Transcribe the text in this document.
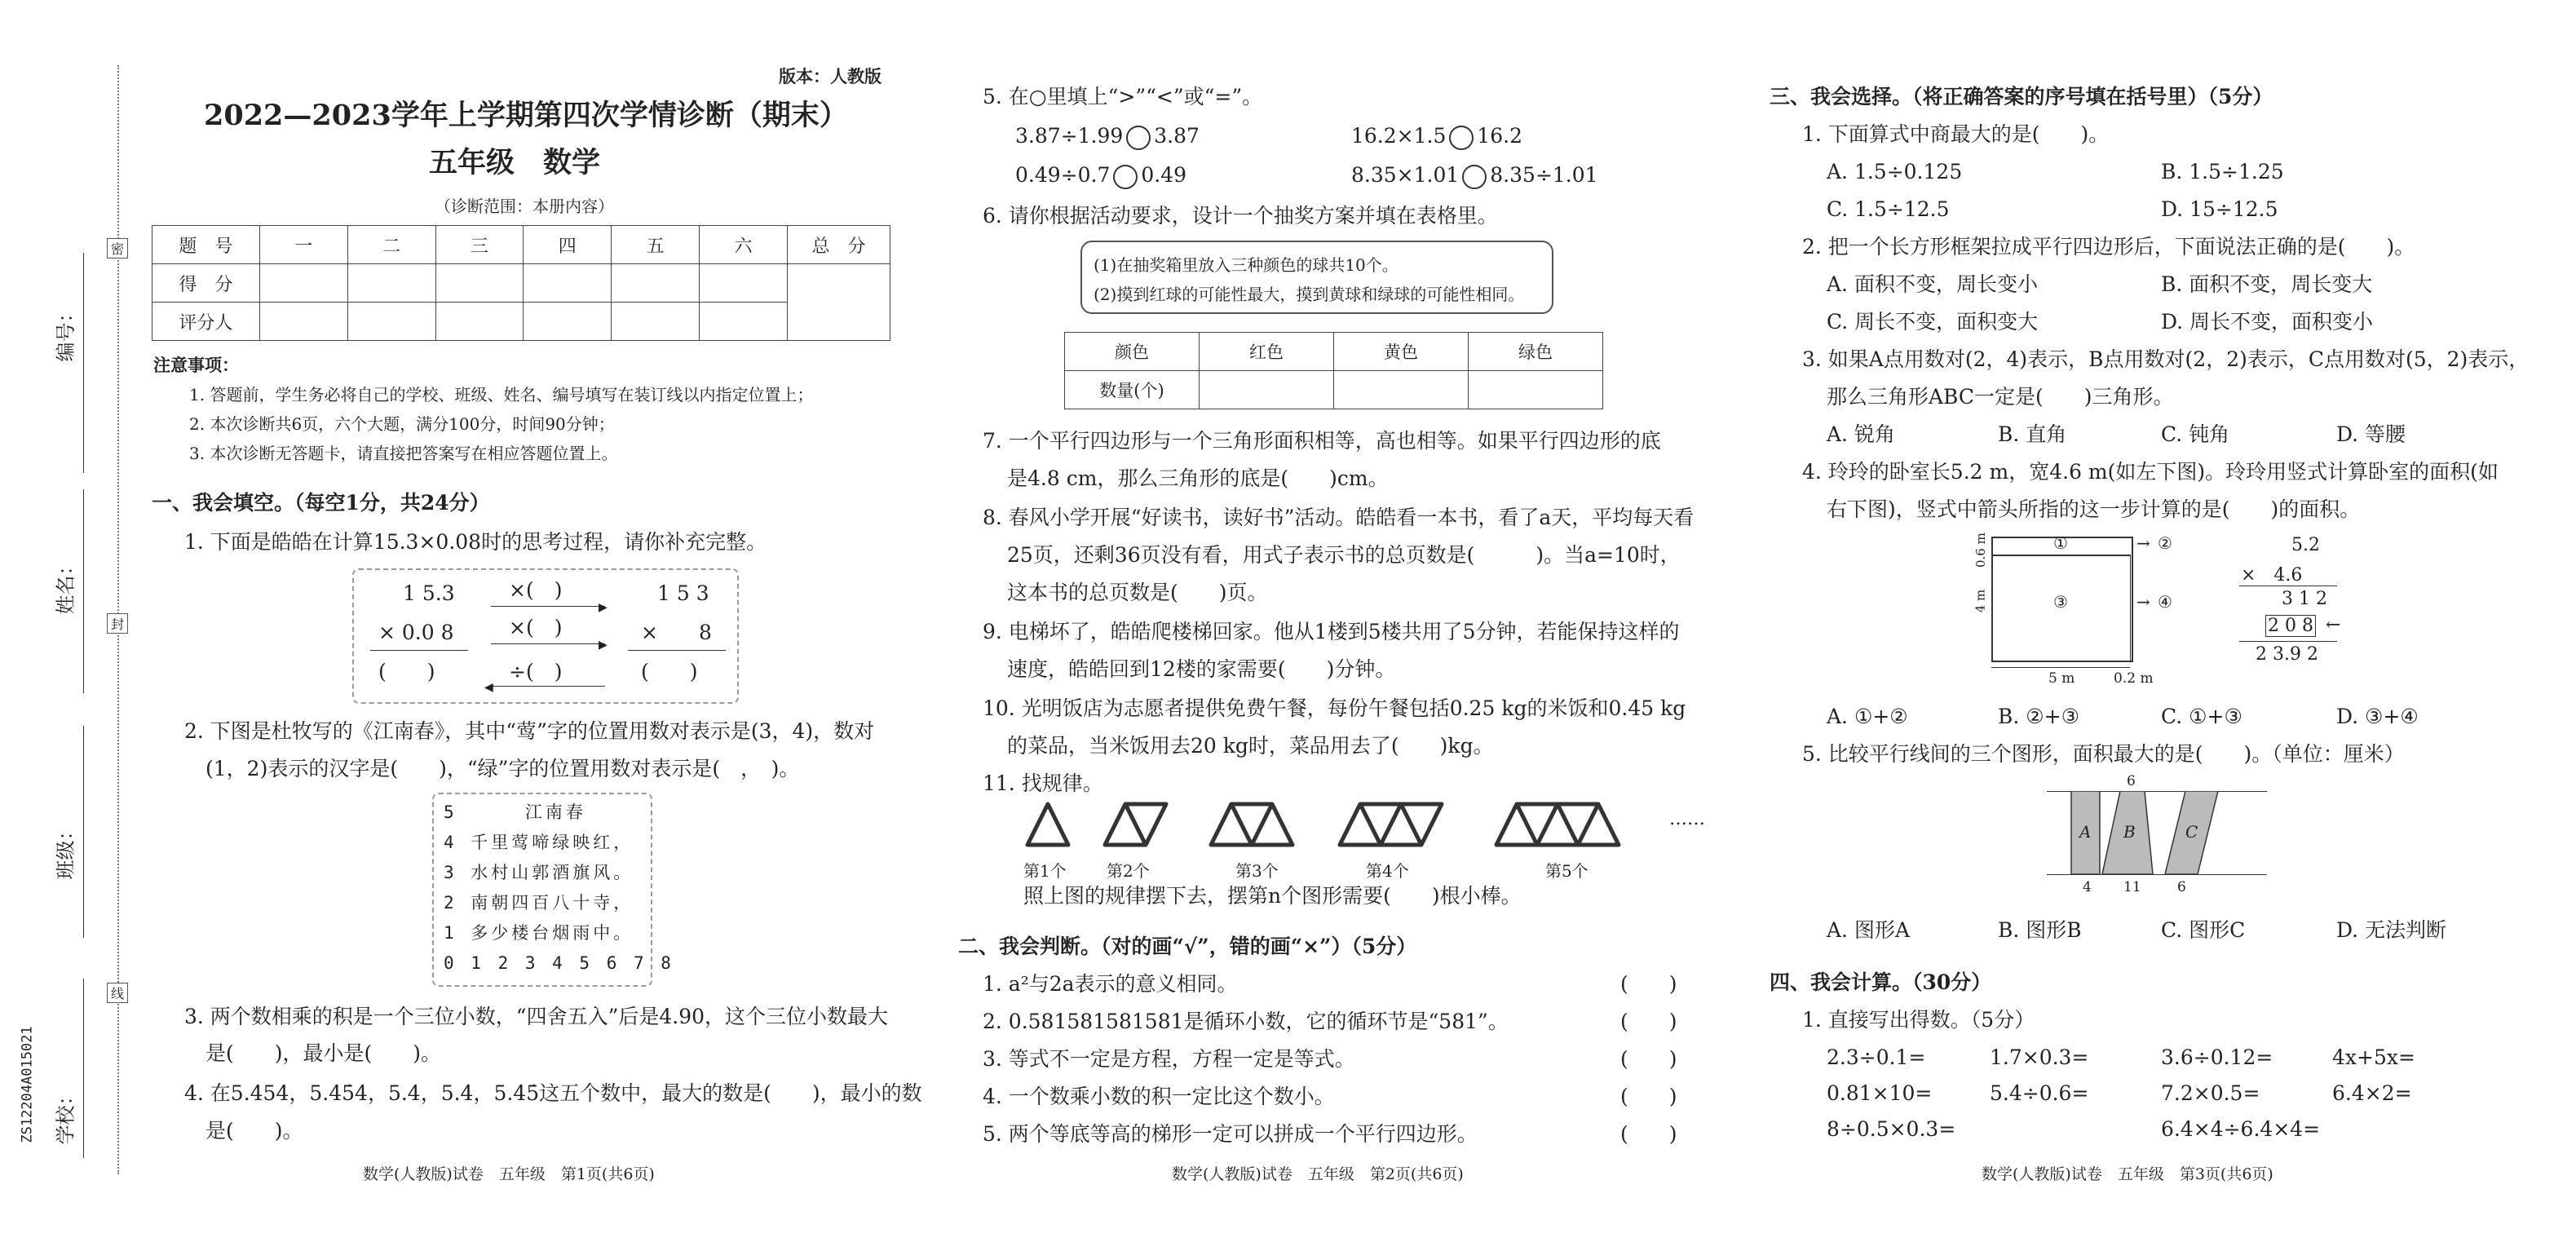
密
封
线
编号：
姓名：
班级：
学校：
ZS12204A015021
版本：人教版
2022—2023学年上学期第四次学情诊断（期末）
五年级　数学
（诊断范围：本册内容）
题　号	一	二	三	四	五	六	总　分
得　分							
评分人							
注意事项：
1. 答题前，学生务必将自己的学校、班级、姓名、编号填写在装订线以内指定位置上；
2. 本次诊断共6页，六个大题，满分100分，时间90分钟；
3. 本次诊断无答题卡，请直接把答案写在相应答题位置上。
一、我会填空。（每空1分，共24分）
1. 下面是皓皓在计算15.3×0.08时的思考过程，请你补充完整。
1 5.3
× 0.0 8
(　　)
×(　)
▶
×(　)
▶
÷(　)
◀
1 5 3
×　　8
(　　)
2. 下图是杜牧写的《江南春》，其中“莺”字的位置用数对表示是(3，4)，数对
(1，2)表示的汉字是(　　)，“绿”字的位置用数对表示是(　，　)。
5     江南春
4 千里莺啼绿映红，
3 水村山郭酒旗风。
2 南朝四百八十寺，
1 多少楼台烟雨中。
0 1 2 3 4 5 6 7 8
3. 两个数相乘的积是一个三位小数，“四舍五入”后是4.90，这个三位小数最大
是(　　)，最小是(　　)。
4. 在5.454，5.4̇5̇4，5.4，5.4̇，5.4̇5̇这五个数中，最大的数是(　　)，最小的数
是(　　)。
数学(人教版)试卷　五年级　第1页(共6页)
5. 在○里填上“>”“<”或“=”。
3.87÷1.99 3.87	16.2×1.5 16.2
0.49÷0.7 0.49	8.35×1.01 8.35÷1.01
6. 请你根据活动要求，设计一个抽奖方案并填在表格里。
(1)在抽奖箱里放入三种颜色的球共10个。
(2)摸到红球的可能性最大，摸到黄球和绿球的可能性相同。
颜色	红色	黄色	绿色
数量(个)			
7. 一个平行四边形与一个三角形面积相等，高也相等。如果平行四边形的底
是4.8 cm，那么三角形的底是(　　)cm。
8. 春风小学开展“好读书，读好书”活动。皓皓看一本书，看了a天，平均每天看
25页，还剩36页没有看，用式子表示书的总页数是(　　　)。当a=10时，
这本书的总页数是(　　)页。
9. 电梯坏了，皓皓爬楼梯回家。他从1楼到5楼共用了5分钟，若能保持这样的
速度，皓皓回到12楼的家需要(　　)分钟。
10. 光明饭店为志愿者提供免费午餐，每份午餐包括0.25 kg的米饭和0.45 kg
的菜品，当米饭用去20 kg时，菜品用去了(　　)kg。
11. 找规律。
……
第1个 第2个	第3个	第4个	第5个
照上图的规律摆下去，摆第n个图形需要(　　)根小棒。
二、我会判断。（对的画“√”，错的画“×”）（5分）
1. a²与2a表示的意义相同。
2. 0.581581581581是循环小数，它的循环节是“581”。
3. 等式不一定是方程，方程一定是等式。
4. 一个数乘小数的积一定比这个数小。
5. 两个等底等高的梯形一定可以拼成一个平行四边形。
(　　)
(　　)
(　　)
(　　)
(　　)
数学(人教版)试卷　五年级　第2页(共6页)
三、我会选择。（将正确答案的序号填在括号里）（5分）
1. 下面算式中商最大的是(　　)。
A. 1.5÷0.125	B. 1.5÷1.25
C. 1.5÷12.5	D. 15÷12.5
2. 把一个长方形框架拉成平行四边形后，下面说法正确的是(　　)。
A. 面积不变，周长变小	B. 面积不变，周长变大
C. 周长不变，面积变大	D. 周长不变，面积变小
3. 如果A点用数对(2，4)表示，B点用数对(2，2)表示，C点用数对(5，2)表示，
那么三角形ABC一定是(　　)三角形。
A. 锐角	B. 直角	C. 钝角	D. 等腰
4. 玲玲的卧室长5.2 m，宽4.6 m(如左下图)。玲玲用竖式计算卧室的面积(如
右下图)，竖式中箭头所指的这一步计算的是(　　)的面积。
①
③
→ ②
→ ④
0.6 m
4 m
5 m	0.2 m
5.2
×　4.6
3 1 2
2 0 8 ←
2 3.9 2
A. ①+②	B. ②+③	C. ①+③	D. ③+④
5. 比较平行线间的三个图形，面积最大的是(　　)。（单位：厘米）
6
A B	C
4 11	6
A. 图形A	B. 图形B	C. 图形C	D. 无法判断
四、我会计算。（30分）
1. 直接写出得数。（5分）
2.3÷0.1=	1.7×0.3=	3.6÷0.12=	4x+5x=
0.81×10=	5.4÷0.6=	7.2×0.5=	6.4×2=
8÷0.5×0.3=	6.4×4÷6.4×4=
数学(人教版)试卷　五年级　第3页(共6页)
